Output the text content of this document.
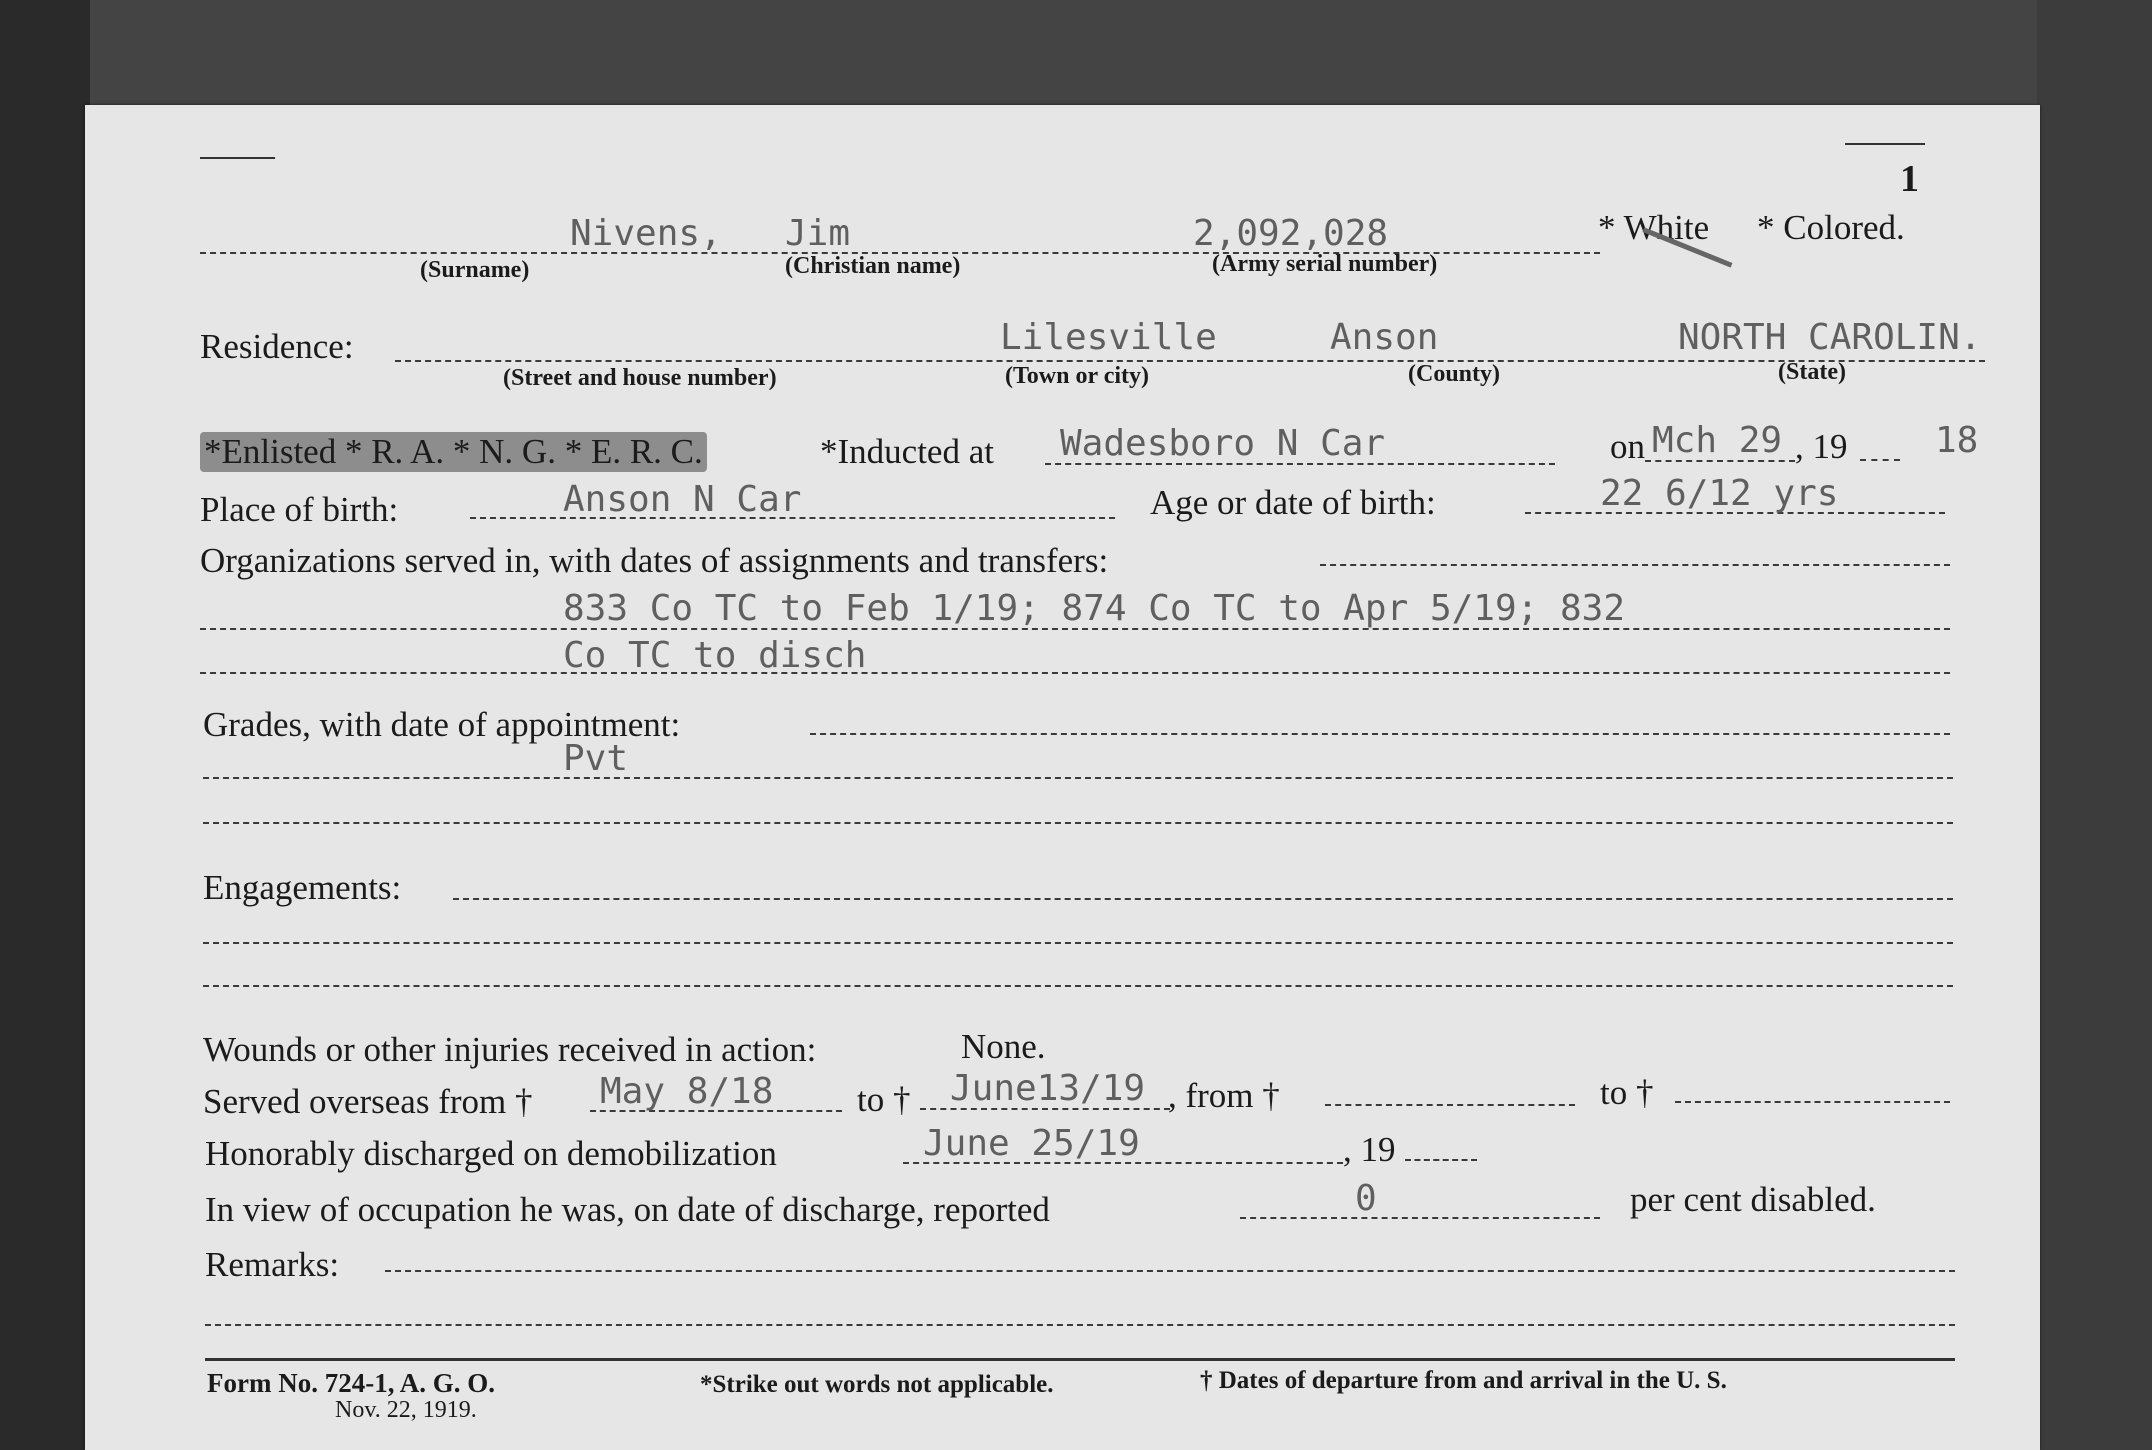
1
Nivens, Jim	2,092,028	* White * Colored.
(Surname)	(Christian name)	(Army serial number)
Residence:	Lilesville	Anson	NORTH CAROLIN.
(Street and house number)	(Town or city)	(County)	(State)
*Enlisted * R. A. * N. G. * E. R. C.	*Inducted at Wadesboro N Car	on Mch 29 , 19 18
Place of birth:	Anson N Car	Age or date of birth:	22 6/12 yrs
Organizations served in, with dates of assignments and transfers:
833 Co TC to Feb 1/19; 874 Co TC to Apr 5/19; 832
Co TC to disch
Grades, with date of appointment:
Pvt
Engagements:
Wounds or other injuries received in action:	None.
Served overseas from † May 8/18 to † June13/19 , from †	to †
Honorably discharged on demobilization	June 25/19	, 19
In view of occupation he was, on date of discharge, reported	0	per cent disabled.
Remarks:
Form No. 724-1, A. G. O.
Nov. 22, 1919.
*Strike out words not applicable.	† Dates of departure from and arrival in the U. S.
